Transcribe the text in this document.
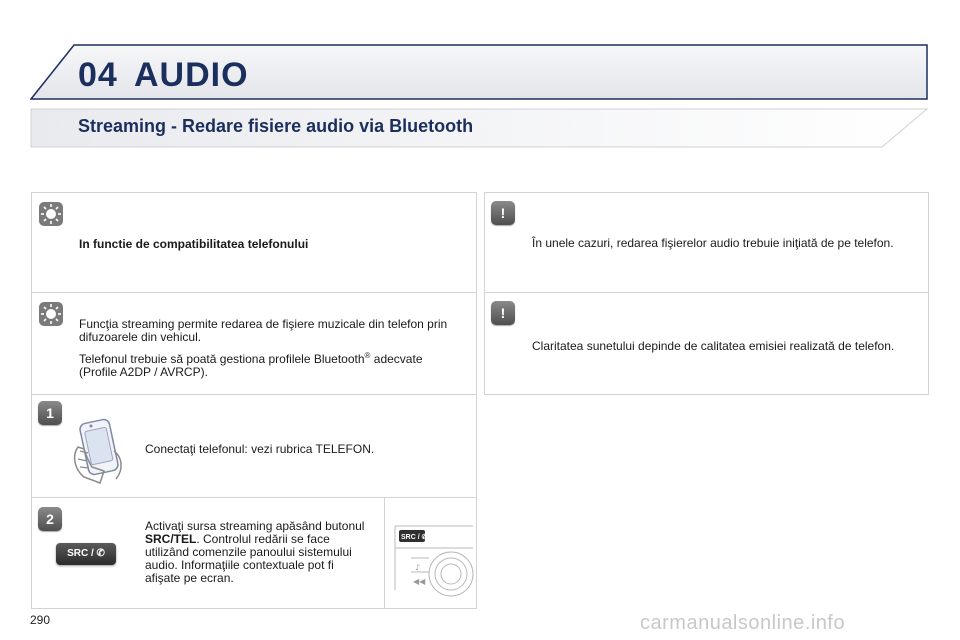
04 AUDIO
Streaming - Redare fisiere audio via Bluetooth
In functie de compatibilitatea telefonului

Funcţia streaming permite redarea de fişiere muzicale din telefon prin difuzoarele din vehicul.

Telefonul trebuie să poată gestiona profilele Bluetooth® adecvate (Profile A2DP / AVRCP).

1
Conectaţi telefonul: vezi rubrica TELEFON.
2
SRC / ✆
Activaţi sursa streaming apăsând butonul SRC/TEL. Controlul redării se face utilizând comenzile panoului sistemului audio. Informaţiile contextuale pot fi afişate pe ecran.
SRC / ✆
♪
◀◀
!
În unele cazuri, redarea fişierelor audio trebuie iniţiată de pe telefon.
!
Claritatea sunetului depinde de calitatea emisiei realizată de telefon.
290	carmanualsonline.info
